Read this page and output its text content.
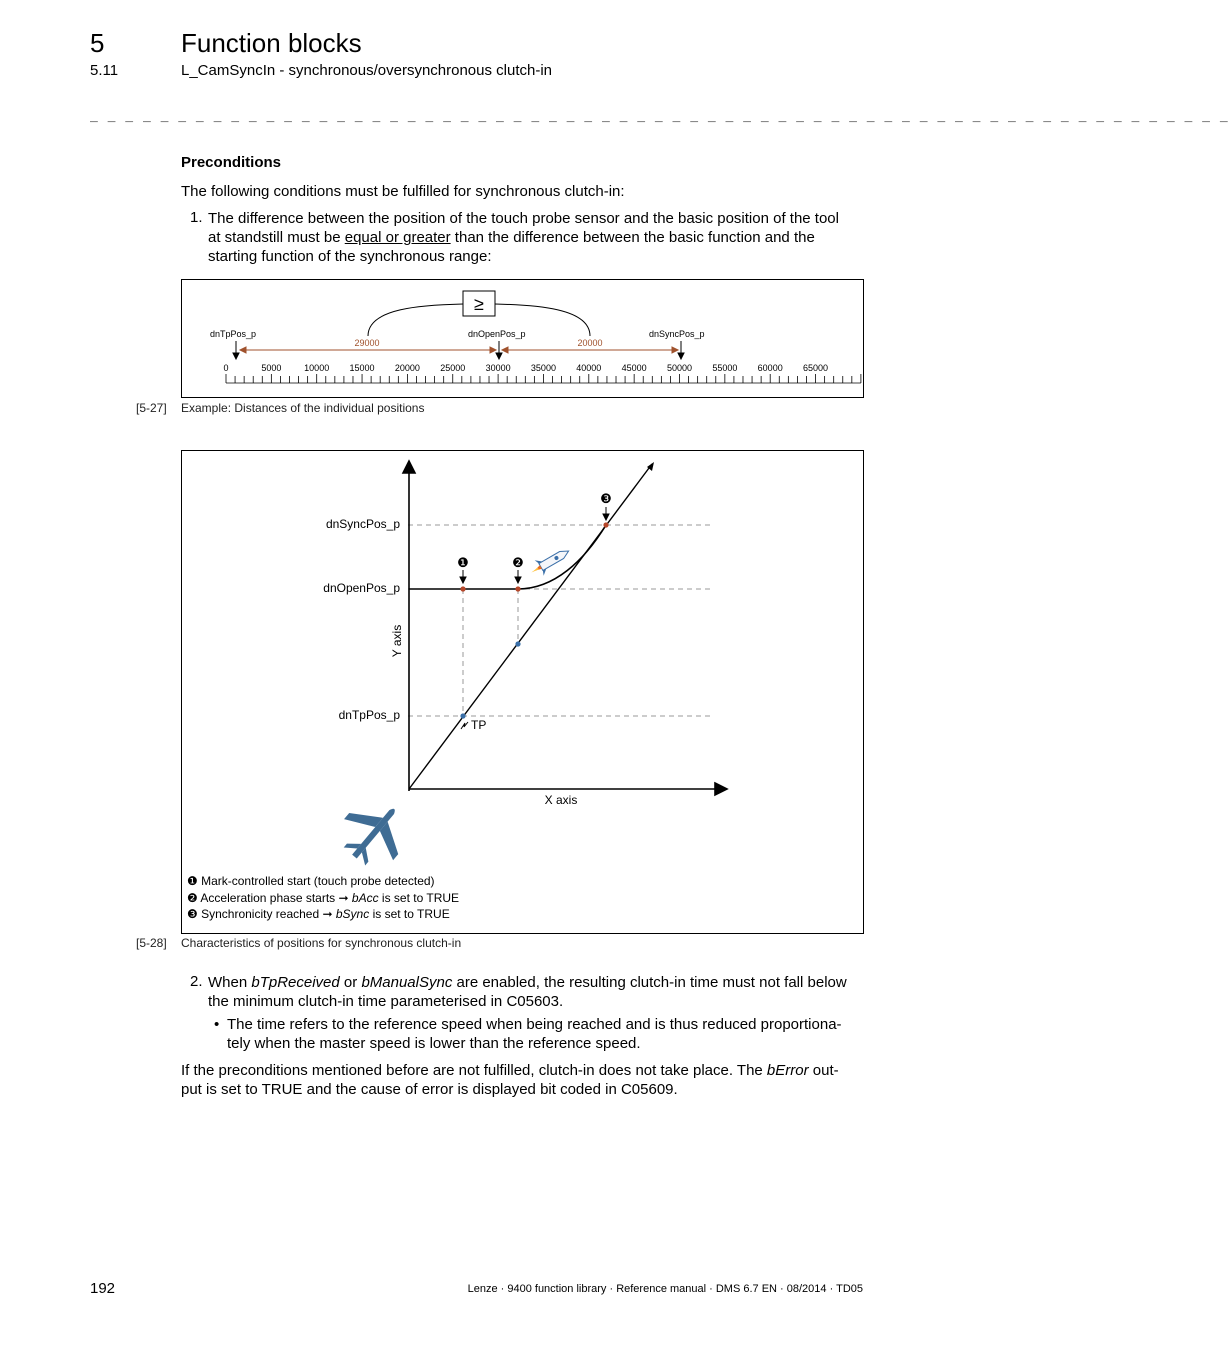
5	Function blocks
5.11	L_CamSyncIn - synchronous/oversynchronous clutch-in
_ _ _ _ _ _ _ _ _ _ _ _ _ _ _ _ _ _ _ _ _ _ _ _ _ _ _ _ _ _ _ _ _ _ _ _ _ _ _ _ _ _ _ _ _ _ _ _ _ _ _ _ _ _ _ _ _ _ _ _ _ _ _ _ _
Preconditions
The following conditions must be fulfilled for synchronous clutch-in:
1. The difference between the position of the touch probe sensor and the basic position of the tool
at standstill must be equal or greater than the difference between the basic function and the
starting function of the synchronous range:
≥
dnTpPos_p	dnOpenPos_p	dnSyncPos_p
29000	20000
0	5000	10000 15000 20000 25000 30000 35000 40000 45000 50000 55000 60000 65000
[5-27] Example: Distances of the individual positions
dnSyncPos_p
dnOpenPos_p
dnTpPos_p
Y axis
X axis
❶	❷
❸
TP
❶ Mark-controlled start (touch probe detected)
❷ Acceleration phase starts ➞ bAcc is set to TRUE
❸ Synchronicity reached ➞ bSync is set to TRUE
[5-28] Characteristics of positions for synchronous clutch-in
2. When bTpReceived or bManualSync are enabled, the resulting clutch-in time must not fall below
the minimum clutch-in time parameterised in C05603.
• The time refers to the reference speed when being reached and is thus reduced proportiona-
tely when the master speed is lower than the reference speed.
If the preconditions mentioned before are not fulfilled, clutch-in does not take place. The bError out-
put is set to TRUE and the cause of error is displayed bit coded in C05609.
192	Lenze · 9400 function library · Reference manual · DMS 6.7 EN · 08/2014 · TD05
